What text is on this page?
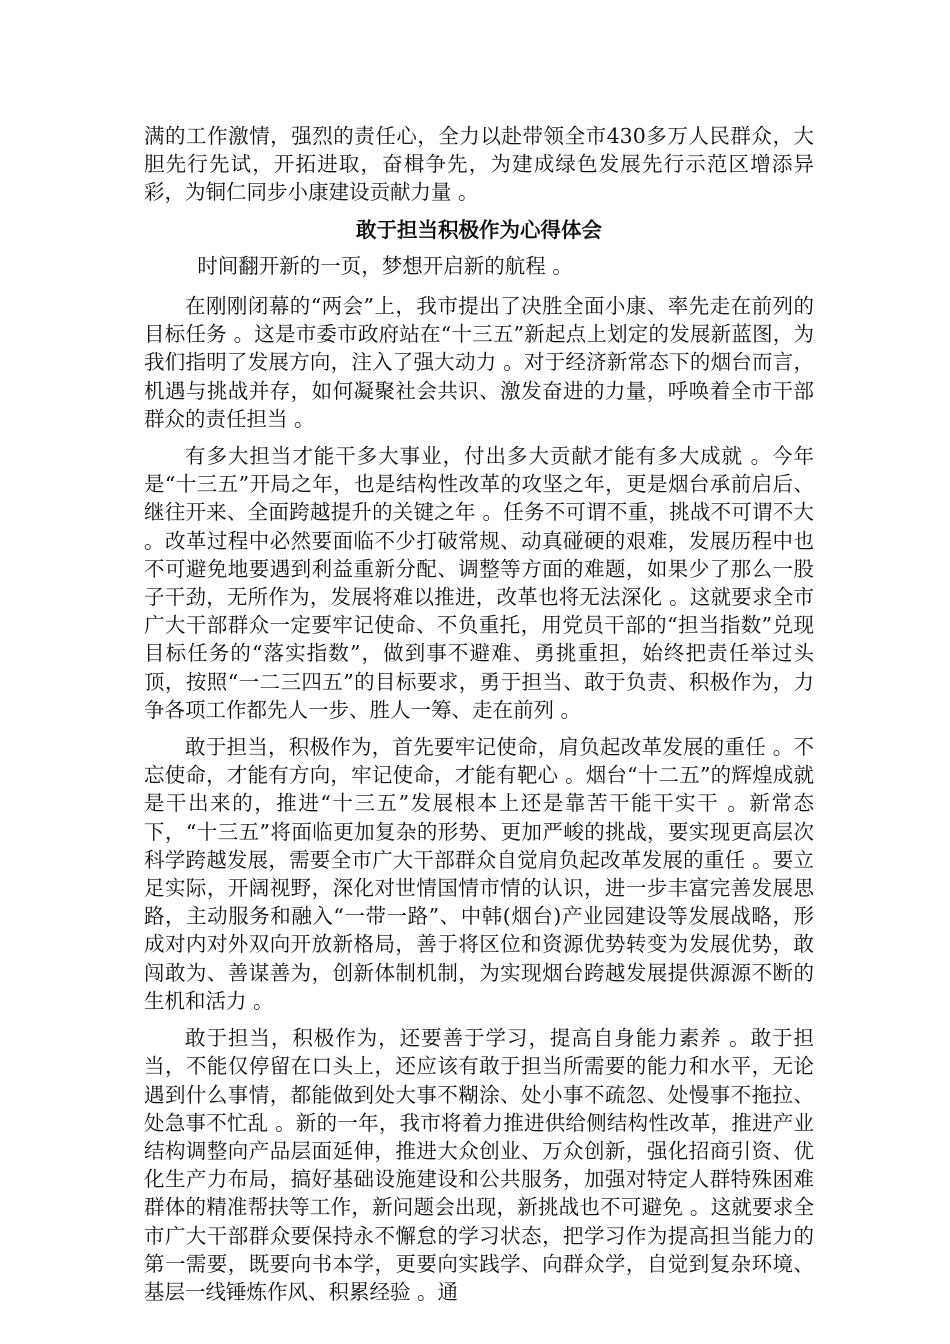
满的工作激情，强烈的责任心，全力以赴带领全市430多万人民群众，大胆先行先试，开拓进取，奋楫争先，为建成绿色发展先行示范区增添异彩，为铜仁同步小康建设贡献力量 。

敢于担当积极作为心得体会

时间翻开新的一页，梦想开启新的航程 。

在刚刚闭幕的“两会”上，我市提出了决胜全面小康、率先走在前列的目标任务 。这是市委市政府站在“十三五”新起点上划定的发展新蓝图，为我们指明了发展方向，注入了强大动力 。对于经济新常态下的烟台而言，机遇与挑战并存，如何凝聚社会共识、激发奋进的力量，呼唤着全市干部群众的责任担当 。

有多大担当才能干多大事业，付出多大贡献才能有多大成就 。今年是“十三五”开局之年，也是结构性改革的攻坚之年，更是烟台承前启后、继往开来、全面跨越提升的关键之年 。任务不可谓不重，挑战不可谓不大 。改革过程中必然要面临不少打破常规、动真碰硬的艰难，发展历程中也不可避免地要遇到利益重新分配、调整等方面的难题，如果少了那么一股子干劲，无所作为，发展将难以推进，改革也将无法深化 。这就要求全市广大干部群众一定要牢记使命、不负重托，用党员干部的“担当指数”兑现目标任务的“落实指数”，做到事不避难、勇挑重担，始终把责任举过头顶，按照“一二三四五”的目标要求，勇于担当、敢于负责、积极作为，力争各项工作都先人一步、胜人一筹、走在前列 。

敢于担当，积极作为，首先要牢记使命，肩负起改革发展的重任 。不忘使命，才能有方向，牢记使命，才能有靶心 。烟台“十二五”的辉煌成就是干出来的，推进“十三五”发展根本上还是靠苦干能干实干 。新常态下，“十三五”将面临更加复杂的形势、更加严峻的挑战，要实现更高层次科学跨越发展，需要全市广大干部群众自觉肩负起改革发展的重任 。要立足实际，开阔视野，深化对世情国情市情的认识，进一步丰富完善发展思路，主动服务和融入“一带一路”、中韩(烟台)产业园建设等发展战略，形成对内对外双向开放新格局，善于将区位和资源优势转变为发展优势，敢闯敢为、善谋善为，创新体制机制，为实现烟台跨越发展提供源源不断的生机和活力 。

敢于担当，积极作为，还要善于学习，提高自身能力素养 。敢于担当，不能仅停留在口头上，还应该有敢于担当所需要的能力和水平，无论遇到什么事情，都能做到处大事不糊涂、处小事不疏忽、处慢事不拖拉、处急事不忙乱 。新的一年，我市将着力推进供给侧结构性改革，推进产业结构调整向产品层面延伸，推进大众创业、万众创新，强化招商引资、优化生产力布局，搞好基础设施建设和公共服务，加强对特定人群特殊困难群体的精准帮扶等工作，新问题会出现，新挑战也不可避免 。这就要求全市广大干部群众要保持永不懈怠的学习状态，把学习作为提高担当能力的第一需要，既要向书本学，更要向实践学、向群众学，自觉到复杂环境、基层一线锤炼作风、积累经验 。通
